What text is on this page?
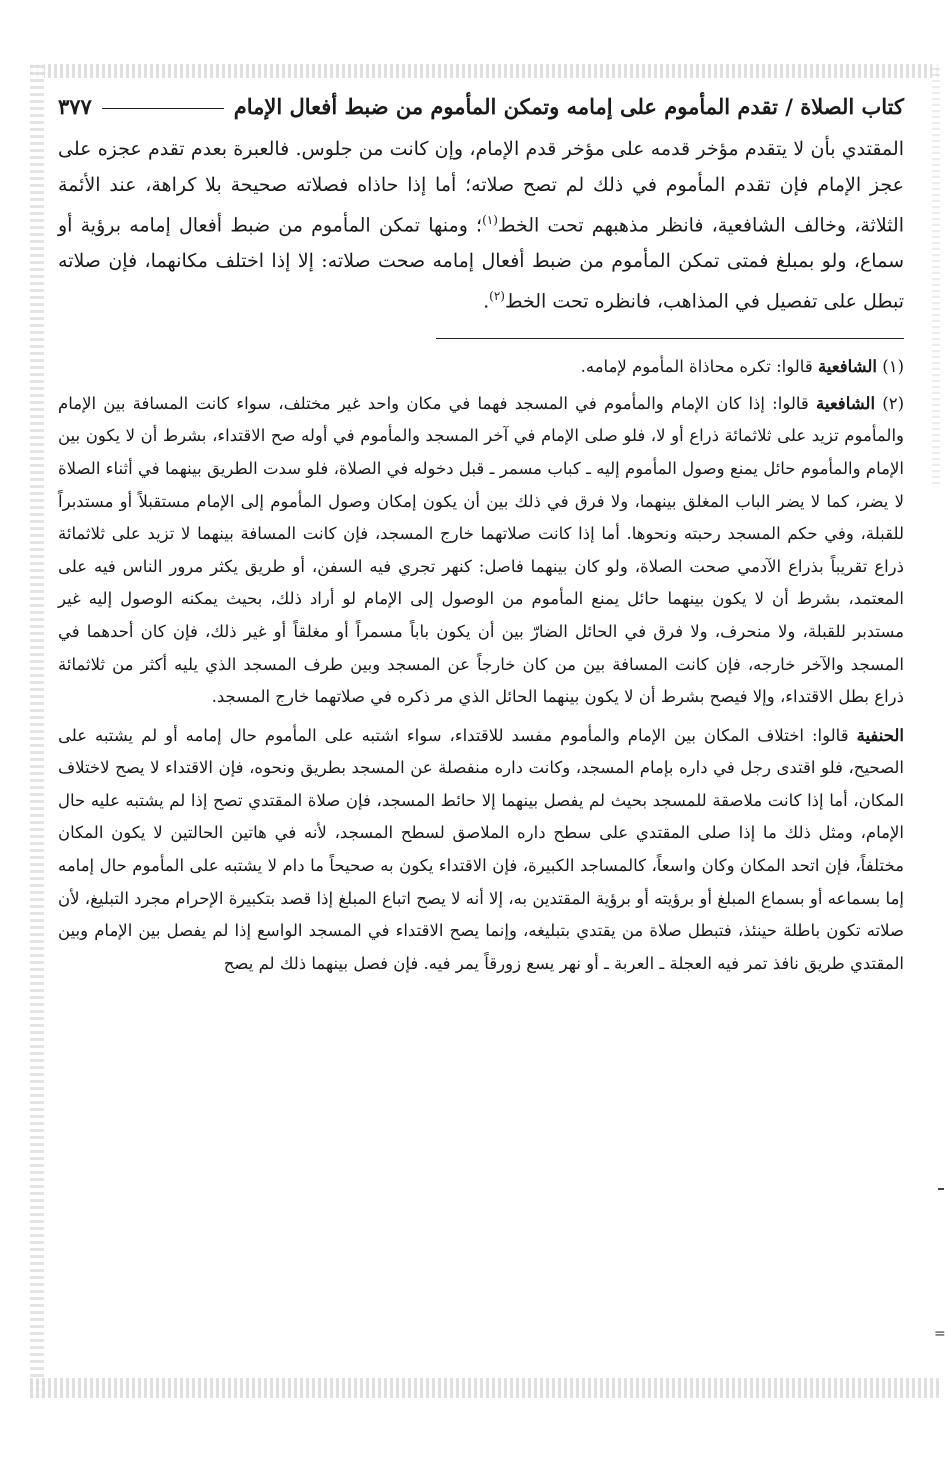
كتاب الصلاة / تقدم المأموم على إمامه وتمكن المأموم من ضبط أفعال الإمام
٣٧٧

المقتدي بأن لا يتقدم مؤخر قدمه على مؤخر قدم الإمام، وإن كانت من جلوس. فالعبرة بعدم تقدم عجزه على عجز الإمام فإن تقدم المأموم في ذلك لم تصح صلاته؛ أما إذا حاذاه فصلاته صحيحة بلا كراهة، عند الأئمة الثلاثة، وخالف الشافعية، فانظر مذهبهم تحت الخط$^{(١)}$؛ ومنها تمكن المأموم من ضبط أفعال إمامه برؤية أو سماع، ولو بمبلغ فمتى تمكن المأموم من ضبط أفعال إمامه صحت صلاته: إلا إذا اختلف مكانهما، فإن صلاته تبطل على تفصيل في المذاهب، فانظره تحت الخط$^{(٢)}$.

(١) الشافعية قالوا: تكره محاذاة المأموم لإمامه.

(٢) الشافعية قالوا: إذا كان الإمام والمأموم في المسجد فهما في مكان واحد غير مختلف، سواء كانت المسافة بين الإمام والمأموم تزيد على ثلاثمائة ذراع أو لا، فلو صلى الإمام في آخر المسجد والمأموم في أوله صح الاقتداء، بشرط أن لا يكون بين الإمام والمأموم حائل يمنع وصول المأموم إليه ـ كباب مسمر ـ قبل دخوله في الصلاة، فلو سدت الطريق بينهما في أثناء الصلاة لا يضر، كما لا يضر الباب المغلق بينهما، ولا فرق في ذلك بين أن يكون إمكان وصول المأموم إلى الإمام مستقبلاً أو مستدبراً للقبلة، وفي حكم المسجد رحبته ونحوها. أما إذا كانت صلاتهما خارج المسجد، فإن كانت المسافة بينهما لا تزيد على ثلاثمائة ذراع تقريباً بذراع الآدمي صحت الصلاة، ولو كان بينهما فاصل: كنهر تجري فيه السفن، أو طريق يكثر مرور الناس فيه على المعتمد، بشرط أن لا يكون بينهما حائل يمنع المأموم من الوصول إلى الإمام لو أراد ذلك، بحيث يمكنه الوصول إليه غير مستدبر للقبلة، ولا منحرف، ولا فرق في الحائل الضارّ بين أن يكون باباً مسمراً أو مغلقاً أو غير ذلك، فإن كان أحدهما في المسجد والآخر خارجه، فإن كانت المسافة بين من كان خارجاً عن المسجد وبين طرف المسجد الذي يليه أكثر من ثلاثمائة ذراع بطل الاقتداء، وإلا فيصح بشرط أن لا يكون بينهما الحائل الذي مر ذكره في صلاتهما خارج المسجد.

الحنفية قالوا: اختلاف المكان بين الإمام والمأموم مفسد للاقتداء، سواء اشتبه على المأموم حال إمامه أو لم يشتبه على الصحيح، فلو اقتدى رجل في داره بإمام المسجد، وكانت داره منفصلة عن المسجد بطريق ونحوه، فإن الاقتداء لا يصح لاختلاف المكان، أما إذا كانت ملاصقة للمسجد بحيث لم يفصل بينهما إلا حائط المسجد، فإن صلاة المقتدي تصح إذا لم يشتبه عليه حال الإمام، ومثل ذلك ما إذا صلى المقتدي على سطح داره الملاصق لسطح المسجد، لأنه في هاتين الحالتين لا يكون المكان مختلفاً، فإن اتحد المكان وكان واسعاً، كالمساجد الكبيرة، فإن الاقتداء يكون به صحيحاً ما دام لا يشتبه على المأموم حال إمامه إما بسماعه أو بسماع المبلغ أو برؤيته أو برؤية المقتدين به، إلا أنه لا يصح اتباع المبلغ إذا قصد بتكبيرة الإحرام مجرد التبليغ، لأن صلاته تكون باطلة حينئذ، فتبطل صلاة من يقتدي بتبليغه، وإنما يصح الاقتداء في المسجد الواسع إذا لم يفصل بين الإمام وبين المقتدي طريق نافذ تمر فيه العجلة ـ العربة ـ أو نهر يسع زورقاً يمر فيه. فإن فصل بينهما ذلك لم يصح

=
